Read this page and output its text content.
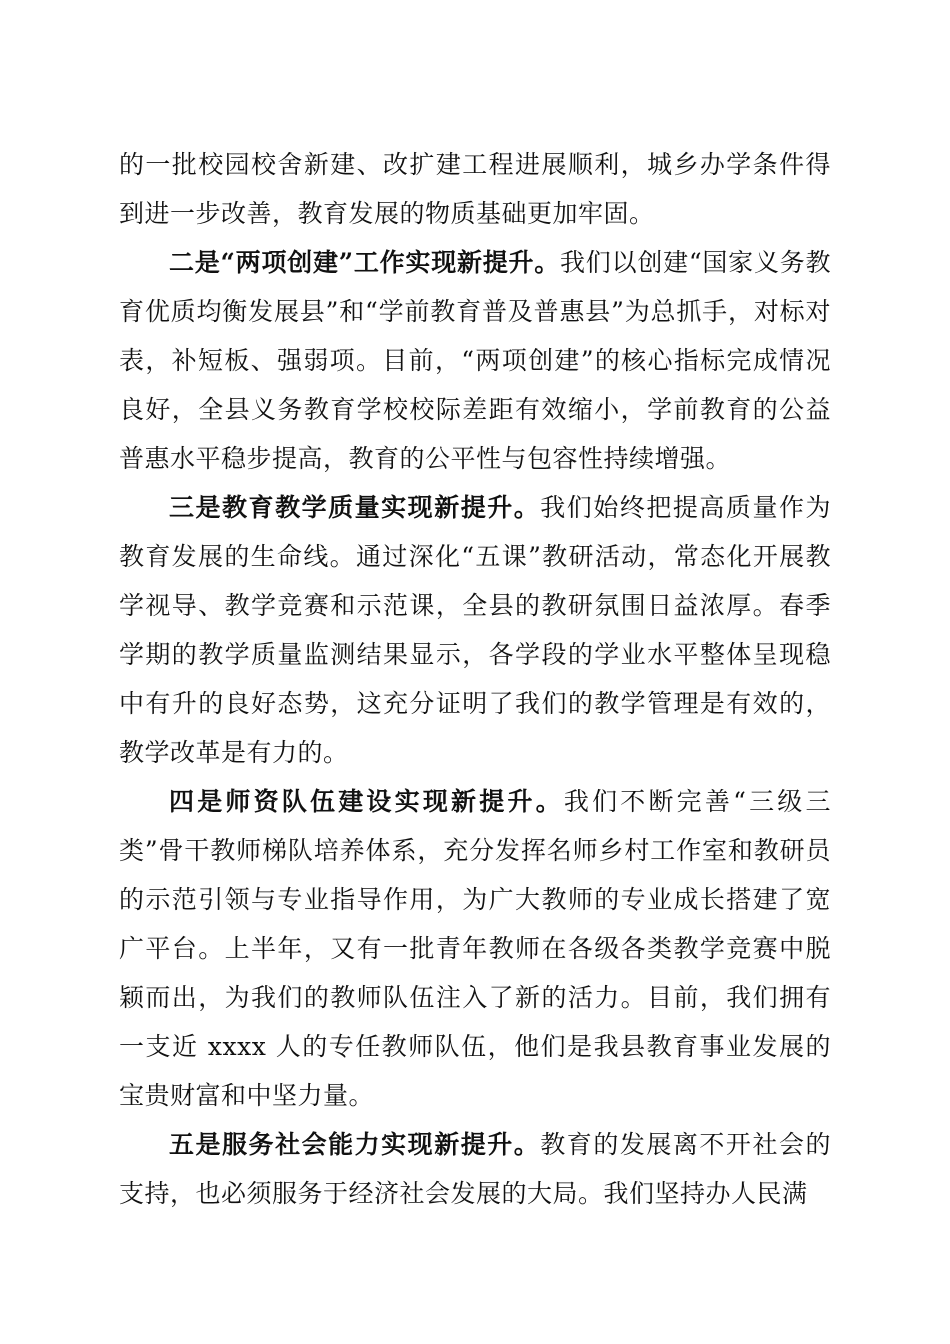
的一批校园校舍新建、改扩建工程进展顺利，城乡办学条件得到进一步改善，教育发展的物质基础更加牢固。

二是“两项创建”工作实现新提升。我们以创建“国家义务教育优质均衡发展县”和“学前教育普及普惠县”为总抓手，对标对表，补短板、强弱项。目前，“两项创建”的核心指标完成情况良好，全县义务教育学校校际差距有效缩小，学前教育的公益普惠水平稳步提高，教育的公平性与包容性持续增强。

三是教育教学质量实现新提升。我们始终把提高质量作为教育发展的生命线。通过深化“五课”教研活动，常态化开展教学视导、教学竞赛和示范课，全县的教研氛围日益浓厚。春季学期的教学质量监测结果显示，各学段的学业水平整体呈现稳中有升的良好态势，这充分证明了我们的教学管理是有效的，教学改革是有力的。

四是师资队伍建设实现新提升。我们不断完善“三级三类”骨干教师梯队培养体系，充分发挥名师乡村工作室和教研员的示范引领与专业指导作用，为广大教师的专业成长搭建了宽广平台。上半年，又有一批青年教师在各级各类教学竞赛中脱颖而出，为我们的教师队伍注入了新的活力。目前，我们拥有一支近 xxxx 人的专任教师队伍，他们是我县教育事业发展的宝贵财富和中坚力量。

五是服务社会能力实现新提升。教育的发展离不开社会的支持，也必须服务于经济社会发展的大局。我们坚持办人民满
